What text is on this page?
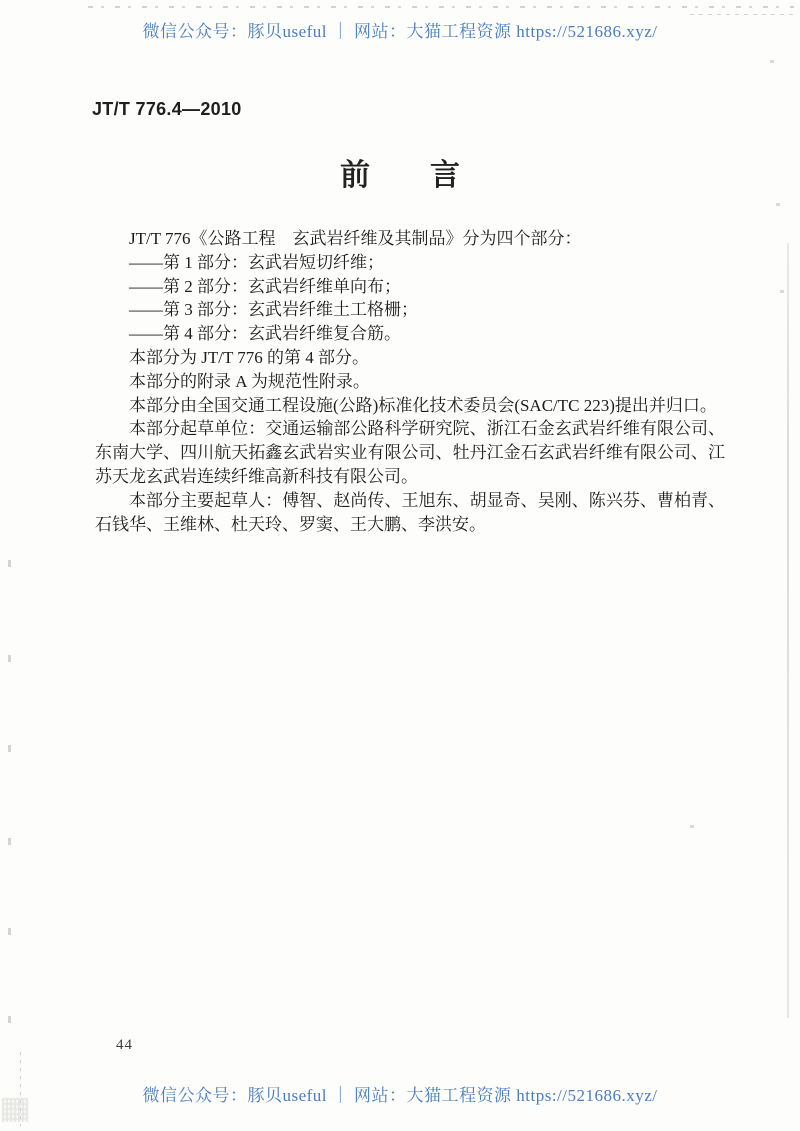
微信公众号：豚贝useful ｜ 网站：大猫工程资源 https://521686.xyz/
JT/T 776.4—2010
前　　言

JT/T 776《公路工程　玄武岩纤维及其制品》分为四个部分：

——第 1 部分：玄武岩短切纤维；

——第 2 部分：玄武岩纤维单向布；

——第 3 部分：玄武岩纤维土工格栅；

——第 4 部分：玄武岩纤维复合筋。

本部分为 JT/T 776 的第 4 部分。

本部分的附录 A 为规范性附录。

本部分由全国交通工程设施(公路)标准化技术委员会(SAC/TC 223)提出并归口。

本部分起草单位：交通运输部公路科学研究院、浙江石金玄武岩纤维有限公司、东南大学、四川航天拓鑫玄武岩实业有限公司、牡丹江金石玄武岩纤维有限公司、江苏天龙玄武岩连续纤维高新科技有限公司。

本部分主要起草人：傅智、赵尚传、王旭东、胡显奇、吴刚、陈兴芬、曹柏青、石钱华、王维林、杜天玲、罗窦、王大鹏、李洪安。

44
微信公众号：豚贝useful ｜ 网站：大猫工程资源 https://521686.xyz/
